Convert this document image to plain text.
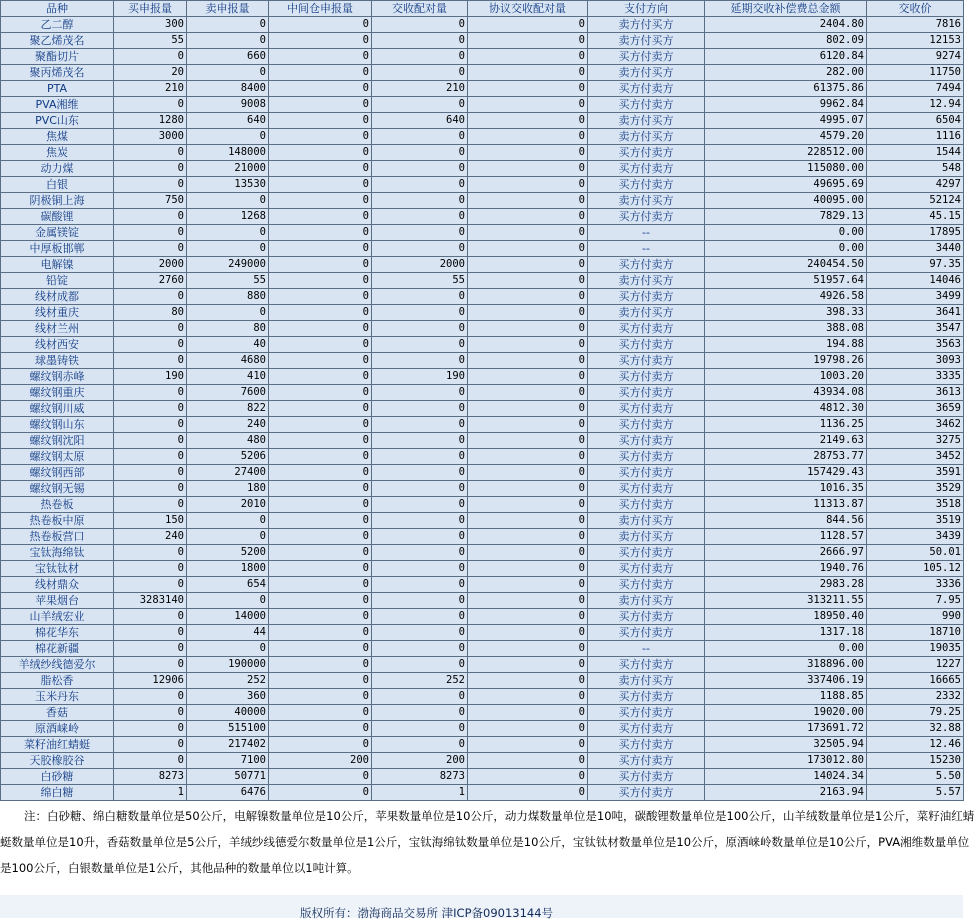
品种	买申报量	卖申报量	中间仓申报量	交收配对量	协议交收配对量	支付方向	延期交收补偿费总金额	交收价
乙二醇	300	0	0	0	0	卖方付买方	2404.80	7816
聚乙烯茂名	55	0	0	0	0	卖方付买方	802.09	12153
聚酯切片	0	660	0	0	0	买方付卖方	6120.84	9274
聚丙烯茂名	20	0	0	0	0	卖方付买方	282.00	11750
PTA	210	8400	0	210	0	买方付卖方	61375.86	7494
PVA湘维	0	9008	0	0	0	买方付卖方	9962.84	12.94
PVC山东	1280	640	0	640	0	卖方付买方	4995.07	6504
焦煤	3000	0	0	0	0	卖方付买方	4579.20	1116
焦炭	0	148000	0	0	0	买方付卖方	228512.00	1544
动力煤	0	21000	0	0	0	买方付卖方	115080.00	548
白银	0	13530	0	0	0	买方付卖方	49695.69	4297
阴极铜上海	750	0	0	0	0	卖方付买方	40095.00	52124
碳酸锂	0	1268	0	0	0	买方付卖方	7829.13	45.15
金属镁锭	0	0	0	0	0	--	0.00	17895
中厚板邯郸	0	0	0	0	0	--	0.00	3440
电解镍	2000	249000	0	2000	0	买方付卖方	240454.50	97.35
铅锭	2760	55	0	55	0	卖方付买方	51957.64	14046
线材成都	0	880	0	0	0	买方付卖方	4926.58	3499
线材重庆	80	0	0	0	0	卖方付买方	398.33	3641
线材兰州	0	80	0	0	0	买方付卖方	388.08	3547
线材西安	0	40	0	0	0	买方付卖方	194.88	3563
球墨铸铁	0	4680	0	0	0	买方付卖方	19798.26	3093
螺纹钢赤峰	190	410	0	190	0	买方付卖方	1003.20	3335
螺纹钢重庆	0	7600	0	0	0	买方付卖方	43934.08	3613
螺纹钢川威	0	822	0	0	0	买方付卖方	4812.30	3659
螺纹钢山东	0	240	0	0	0	买方付卖方	1136.25	3462
螺纹钢沈阳	0	480	0	0	0	买方付卖方	2149.63	3275
螺纹钢太原	0	5206	0	0	0	买方付卖方	28753.77	3452
螺纹钢西部	0	27400	0	0	0	买方付卖方	157429.43	3591
螺纹钢无锡	0	180	0	0	0	买方付卖方	1016.35	3529
热卷板	0	2010	0	0	0	买方付卖方	11313.87	3518
热卷板中原	150	0	0	0	0	卖方付买方	844.56	3519
热卷板营口	240	0	0	0	0	卖方付买方	1128.57	3439
宝钛海绵钛	0	5200	0	0	0	买方付卖方	2666.97	50.01
宝钛钛材	0	1800	0	0	0	买方付卖方	1940.76	105.12
线材鼎众	0	654	0	0	0	买方付卖方	2983.28	3336
苹果烟台	3283140	0	0	0	0	卖方付买方	313211.55	7.95
山羊绒宏业	0	14000	0	0	0	买方付卖方	18950.40	990
棉花华东	0	44	0	0	0	买方付卖方	1317.18	18710
棉花新疆	0	0	0	0	0	--	0.00	19035
羊绒纱线德爱尔	0	190000	0	0	0	买方付卖方	318896.00	1227
脂松香	12906	252	0	252	0	卖方付买方	337406.19	16665
玉米丹东	0	360	0	0	0	买方付卖方	1188.85	2332
香菇	0	40000	0	0	0	买方付卖方	19020.00	79.25
原酒崃岭	0	515100	0	0	0	买方付卖方	173691.72	32.88
菜籽油红蜻蜓	0	217402	0	0	0	买方付卖方	32505.94	12.46
天胶橡胶谷	0	7100	200	200	0	买方付卖方	173012.80	15230
白砂糖	8273	50771	0	8273	0	买方付卖方	14024.34	5.50
绵白糖	1	6476	0	1	0	买方付卖方	2163.94	5.57

注：白砂糖、绵白糖数量单位是50公斤，电解镍数量单位是10公斤，苹果数量单位是10公斤，动力煤数量单位是10吨，碳酸锂数量单位是100公斤，山羊绒数量单位是1公斤，菜籽油红蜻蜓数量单位是10升，香菇数量单位是5公斤，羊绒纱线德爱尔数量单位是1公斤，宝钛海绵钛数量单位是10公斤，宝钛钛材数量单位是10公斤，原酒崃岭数量单位是10公斤，PVA湘维数量单位是100公斤，白银数量单位是1公斤，其他品种的数量单位以1吨计算。

版权所有：渤海商品交易所 津ICP备09013144号
